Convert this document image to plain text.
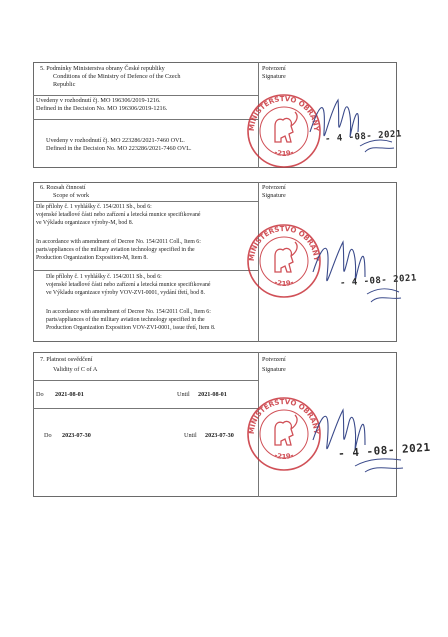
5. Podmínky Ministerstva obrany České republiky
Conditions of the Ministry of Defence of the Czech
Republic
Potvrzení
Signature
Uvedeny v rozhodnutí čj. MO 196306/2019-1216.
Defined in the Decision No. MO 196306/2019-1216.
Uvedeny v rozhodnutí čj. MO 223286/2021-7460 OVL.
Defined in the Decision No. MO 223286/2021-7460 OVL.
6. Rozsah činností
Scope of work
Potvrzení
Signature
Dle přílohy č. 1 vyhlášky č. 154/2011 Sb., bod 6:
vojenské letadlové části nebo zařízení a letecká munice specifikované
ve Výkladu organizace výroby-M, bod 8.
In accordance with amendment of Decree No. 154/2011 Coll., Item 6:
parts/appliances of the military aviation technology specified in the
Production Organization Exposition-M, Item 8.
Dle přílohy č. 1 vyhlášky č. 154/2011 Sb., bod 6:
vojenské letadlové části nebo zařízení a letecká munice specifikované
ve Výkladu organizace výroby VOV-ZVI-0001, vydání třetí, bod 8.
In accordance with amendment of Decree No. 154/2011 Coll., Item 6:
parts/appliances of the military aviation technology specified in the
Production Organization Exposition VOV-ZVI-0001, issue třetí, Item 8.
7. Platnost osvědčení
Validity of C of A
Potvrzení
Signature
Do 2021-08-01	Until 2021-08-01
Do 2023-07-30	Until 2023-07-30
MINISTERSTVO OBRANY
-219-
MINISTERSTVO OBRANY
-219-
MINISTERSTVO OBRANY
-219-
- 4 -08- 2021
- 4 -08- 2021
- 4 -08- 2021
